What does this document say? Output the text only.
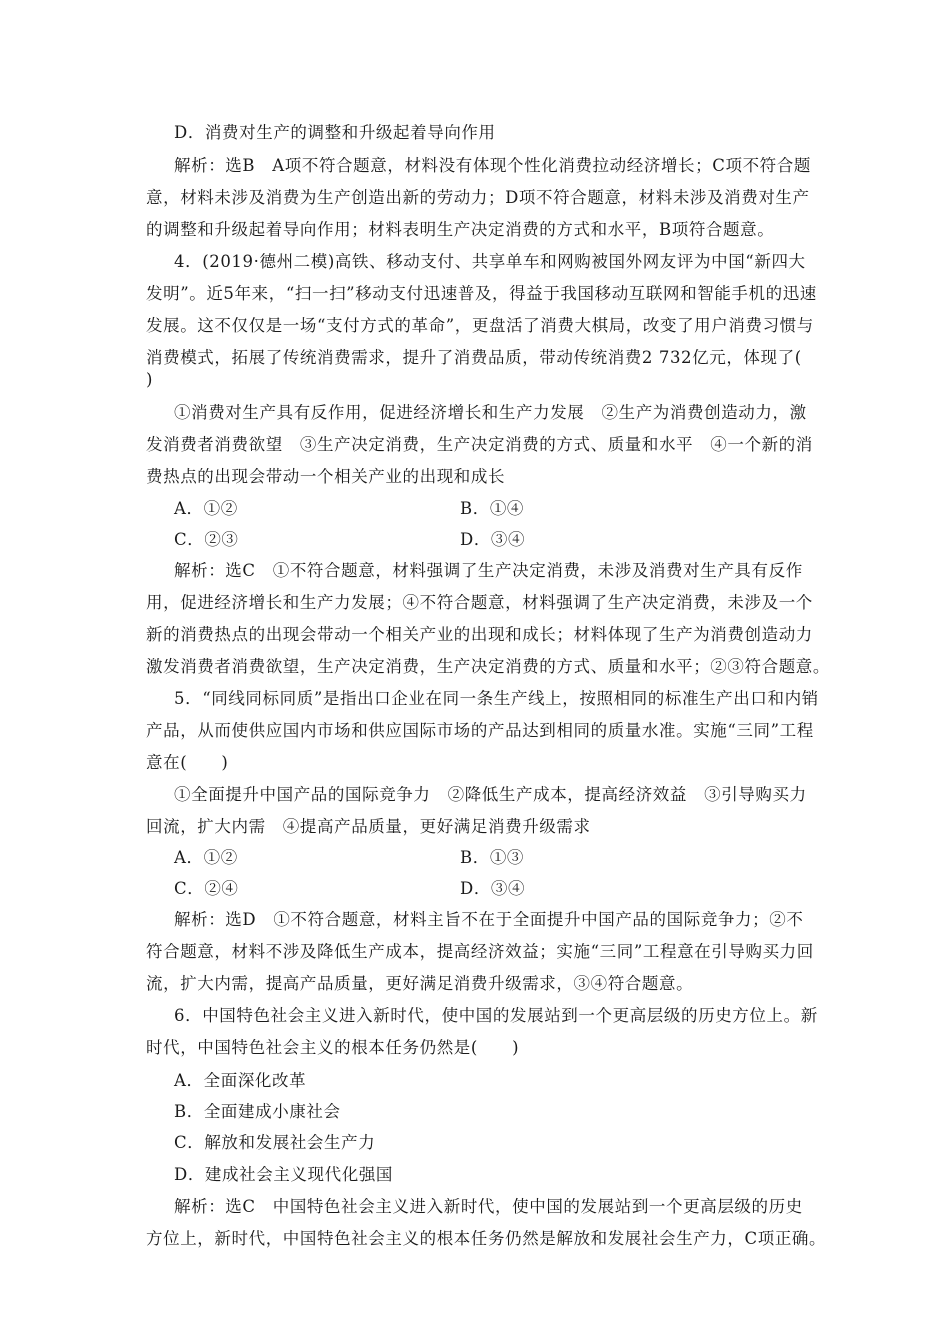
D．消费对生产的调整和升级起着导向作用
解析：选B　A项不符合题意，材料没有体现个性化消费拉动经济增长；C项不符合题
意，材料未涉及消费为生产创造出新的劳动力；D项不符合题意，材料未涉及消费对生产
的调整和升级起着导向作用；材料表明生产决定消费的方式和水平，B项符合题意。
4．(2019·德州二模)高铁、移动支付、共享单车和网购被国外网友评为中国“新四大
发明”。近5年来，“扫一扫”移动支付迅速普及，得益于我国移动互联网和智能手机的迅速
发展。这不仅仅是一场“支付方式的革命”，更盘活了消费大棋局，改变了用户消费习惯与
消费模式，拓展了传统消费需求，提升了消费品质，带动传统消费2 732亿元，体现了(
)
①消费对生产具有反作用，促进经济增长和生产力发展　②生产为消费创造动力，激
发消费者消费欲望　③生产决定消费，生产决定消费的方式、质量和水平　④一个新的消
费热点的出现会带动一个相关产业的出现和成长
A．①②	B．①④
C．②③	D．③④
解析：选C　①不符合题意，材料强调了生产决定消费，未涉及消费对生产具有反作
用，促进经济增长和生产力发展；④不符合题意，材料强调了生产决定消费，未涉及一个
新的消费热点的出现会带动一个相关产业的出现和成长；材料体现了生产为消费创造动力
激发消费者消费欲望，生产决定消费，生产决定消费的方式、质量和水平；②③符合题意。
5．“同线同标同质”是指出口企业在同一条生产线上，按照相同的标准生产出口和内销
产品，从而使供应国内市场和供应国际市场的产品达到相同的质量水准。实施“三同”工程
意在(　　)
①全面提升中国产品的国际竞争力　②降低生产成本，提高经济效益　③引导购买力
回流，扩大内需　④提高产品质量，更好满足消费升级需求
A．①②	B．①③
C．②④	D．③④
解析：选D　①不符合题意，材料主旨不在于全面提升中国产品的国际竞争力；②不
符合题意，材料不涉及降低生产成本，提高经济效益；实施“三同”工程意在引导购买力回
流，扩大内需，提高产品质量，更好满足消费升级需求，③④符合题意。
6．中国特色社会主义进入新时代，使中国的发展站到一个更高层级的历史方位上。新
时代，中国特色社会主义的根本任务仍然是(　　)
A．全面深化改革
B．全面建成小康社会
C．解放和发展社会生产力
D．建成社会主义现代化强国
解析：选C　中国特色社会主义进入新时代，使中国的发展站到一个更高层级的历史
方位上，新时代，中国特色社会主义的根本任务仍然是解放和发展社会生产力，C项正确。
